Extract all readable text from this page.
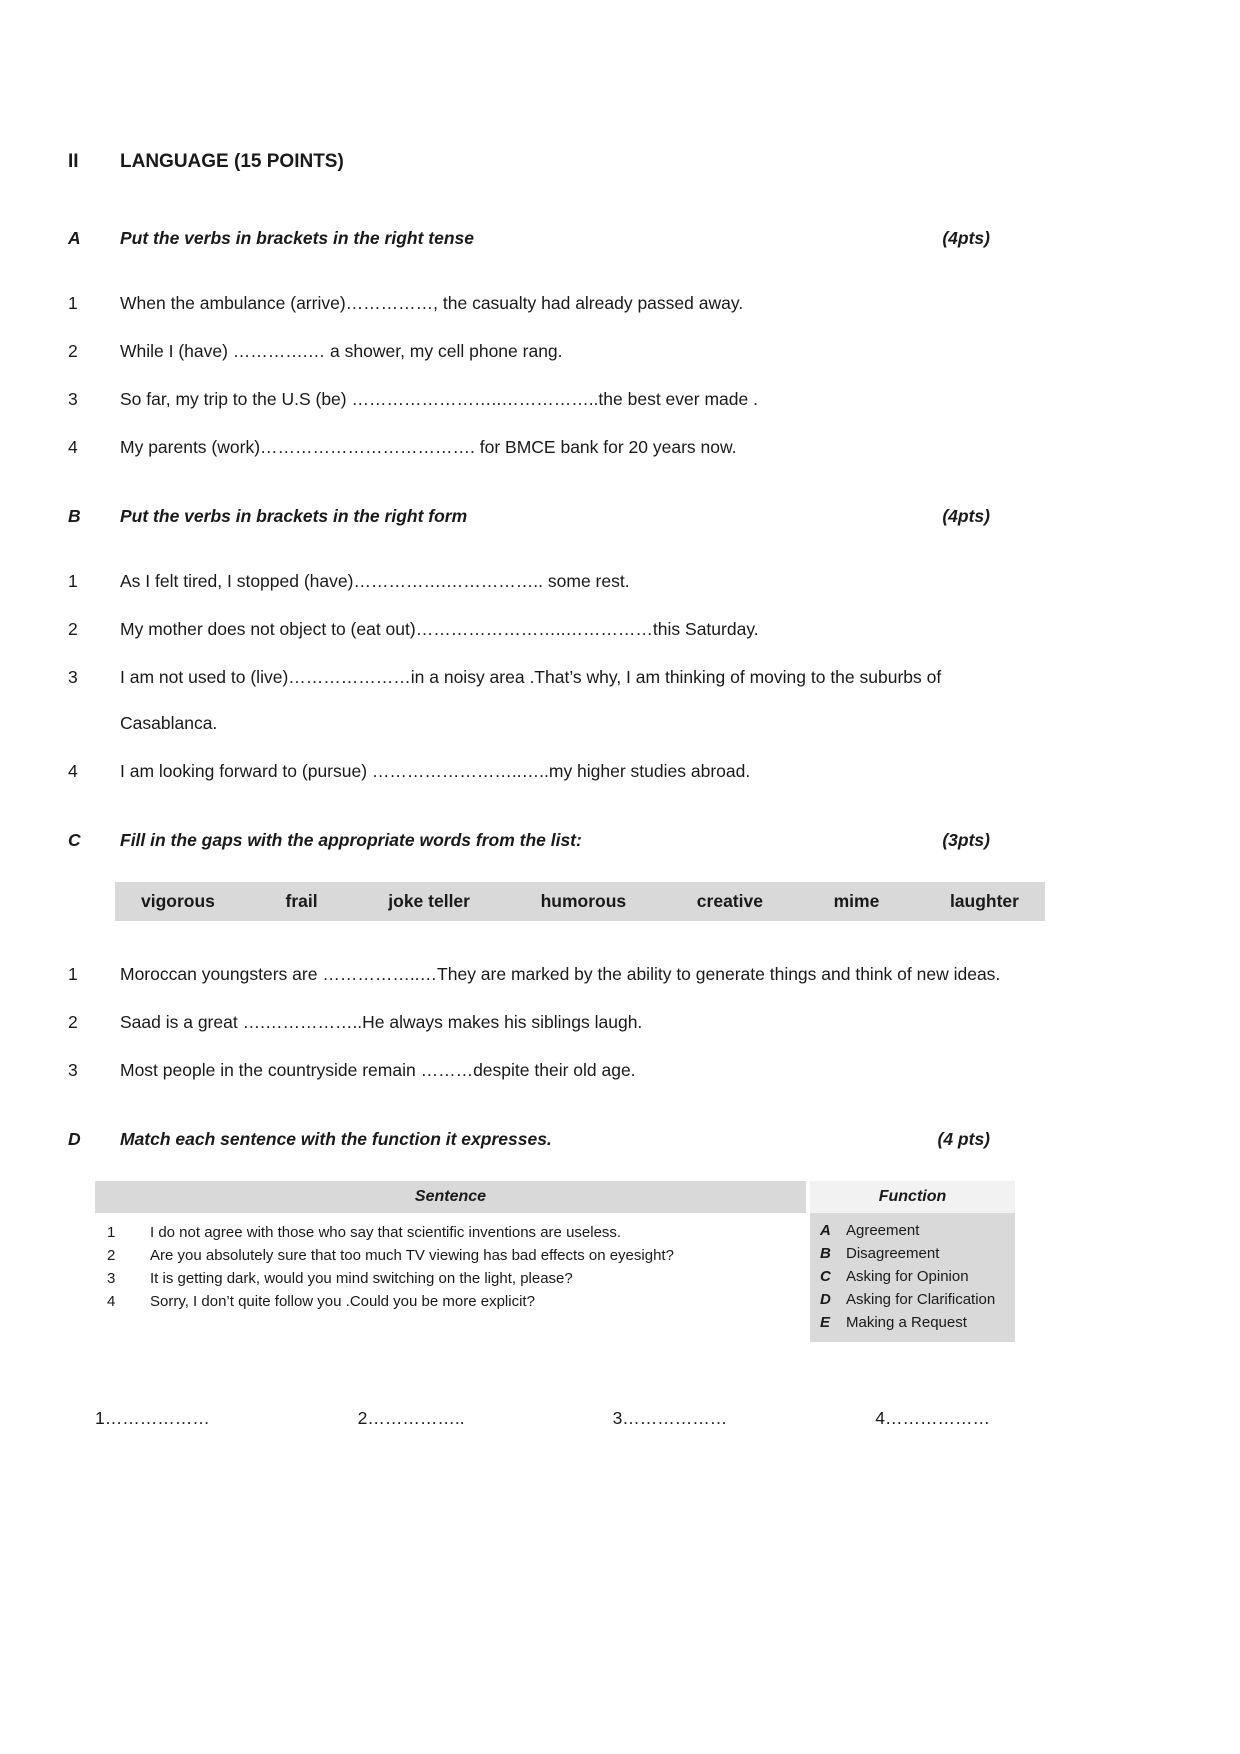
II	LANGUAGE (15 POINTS)
A	Put the verbs in brackets in the right tense	(4pts)
1	When the ambulance (arrive)……………, the casualty had already passed away.
2	While I (have) ………….… a shower, my cell phone rang.
3	So far, my trip to the U.S (be) ……………………..……………..the best ever made .
4	My parents (work)………………………………. for BMCE bank for 20 years now.
B	Put the verbs in brackets in the right form	(4pts)
1	As I felt tired, I stopped (have)…………….…………….. some rest.
2	My mother does not object to (eat out)……………………..……………this Saturday.
3	I am not used to (live)…………………in a noisy area .That’s why, I am thinking of moving to the suburbs of Casablanca.
4	I am looking forward to (pursue) ……………………..…..my higher studies abroad.
C	Fill in the gaps with the appropriate words from the list:	(3pts)
vigorous	frail	joke teller	humorous	creative	mime	laughter
1	Moroccan youngsters are ……………..…They are marked by the ability to generate things and think of new ideas.
2	Saad is a great ….……………..He always makes his siblings laugh.
3	Most people in the countryside remain ………despite their old age.
D	Match each sentence with the function it expresses.	(4 pts)
Sentence
1	I do not agree with those who say that scientific inventions are useless.
2	Are you absolutely sure that too much TV viewing has bad effects on eyesight?
3	It is getting dark, would you mind switching on the light, please?
4	Sorry, I don’t quite follow you .Could you be more explicit?
Function
A	Agreement
B	Disagreement
C	Asking for Opinion
D	Asking for Clarification
E	Making a Request
1………………	2……………..	3………………	4………………
